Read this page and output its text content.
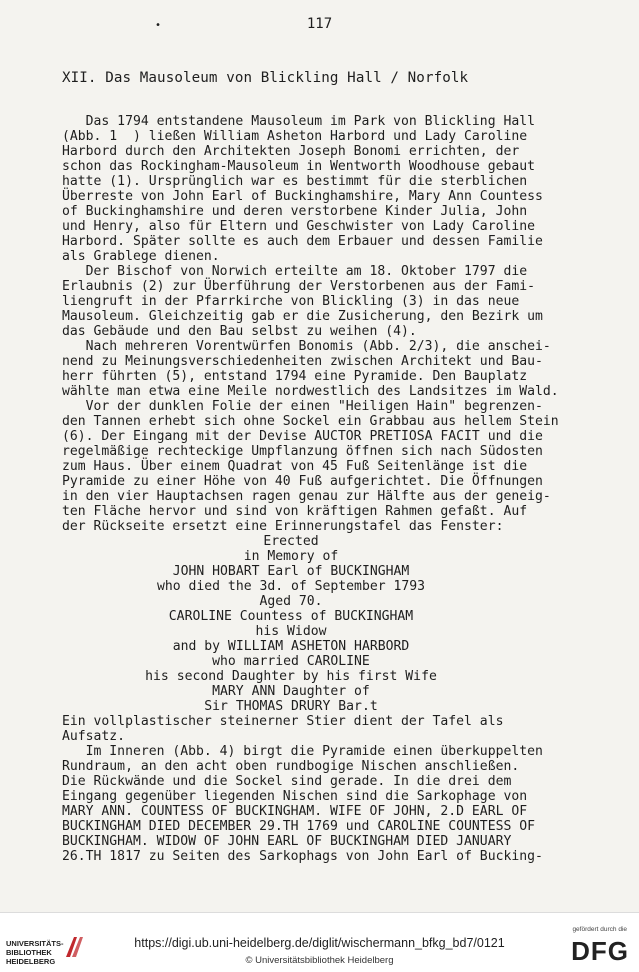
•	117
XII. Das Mausoleum von Blickling Hall / Norfolk
Das 1794 entstandene Mausoleum im Park von Blickling Hall
(Abb. 1  ) ließen William Asheton Harbord und Lady Caroline
Harbord durch den Architekten Joseph Bonomi errichten, der
schon das Rockingham-Mausoleum in Wentworth Woodhouse gebaut
hatte (1). Ursprünglich war es bestimmt für die sterblichen
Überreste von John Earl of Buckinghamshire, Mary Ann Countess
of Buckinghamshire und deren verstorbene Kinder Julia, John
und Henry, also für Eltern und Geschwister von Lady Caroline
Harbord. Später sollte es auch dem Erbauer und dessen Familie
als Grablege dienen.
Der Bischof von Norwich erteilte am 18. Oktober 1797 die
Erlaubnis (2) zur Überführung der Verstorbenen aus der Fami-
liengruft in der Pfarrkirche von Blickling (3) in das neue
Mausoleum. Gleichzeitig gab er die Zusicherung, den Bezirk um
das Gebäude und den Bau selbst zu weihen (4).
Nach mehreren Vorentwürfen Bonomis (Abb. 2/3), die anschei-
nend zu Meinungsverschiedenheiten zwischen Architekt und Bau-
herr führten (5), entstand 1794 eine Pyramide. Den Bauplatz
wählte man etwa eine Meile nordwestlich des Landsitzes im Wald.
Vor der dunklen Folie der einen "Heiligen Hain" begrenzen-
den Tannen erhebt sich ohne Sockel ein Grabbau aus hellem Stein
(6). Der Eingang mit der Devise AUCTOR PRETIOSA FACIT und die
regelmäßige rechteckige Umpflanzung öffnen sich nach Südosten
zum Haus. Über einem Quadrat von 45 Fuß Seitenlänge ist die
Pyramide zu einer Höhe von 40 Fuß aufgerichtet. Die Öffnungen
in den vier Hauptachsen ragen genau zur Hälfte aus der geneig-
ten Fläche hervor und sind von kräftigen Rahmen gefaßt. Auf
der Rückseite ersetzt eine Erinnerungstafel das Fenster:
Erected
in Memory of
JOHN HOBART Earl of BUCKINGHAM
who died the 3d. of September 1793
Aged 70.
CAROLINE Countess of BUCKINGHAM
his Widow
and by WILLIAM ASHETON HARBORD
who married CAROLINE
his second Daughter by his first Wife
MARY ANN Daughter of
Sir THOMAS DRURY Bar.t
Ein vollplastischer steinerner Stier dient der Tafel als
Aufsatz.
Im Inneren (Abb. 4) birgt die Pyramide einen überkuppelten
Rundraum, an den acht oben rundbogige Nischen anschließen.
Die Rückwände und die Sockel sind gerade. In die drei dem
Eingang gegenüber liegenden Nischen sind die Sarkophage von
MARY ANN. COUNTESS OF BUCKINGHAM. WIFE OF JOHN, 2.D EARL OF
BUCKINGHAM DIED DECEMBER 29.TH 1769 und CAROLINE COUNTESS OF
BUCKINGHAM. WIDOW OF JOHN EARL OF BUCKINGHAM DIED JANUARY
26.TH 1817 zu Seiten des Sarkophags von John Earl of Bucking-
UNIVERSITÄTS-
BIBLIOTHEK
HEIDELBERG
https://digi.ub.uni-heidelberg.de/diglit/wischermann_bfkg_bd7/0121
© Universitätsbibliothek Heidelberg
gefördert durch die
DFG
